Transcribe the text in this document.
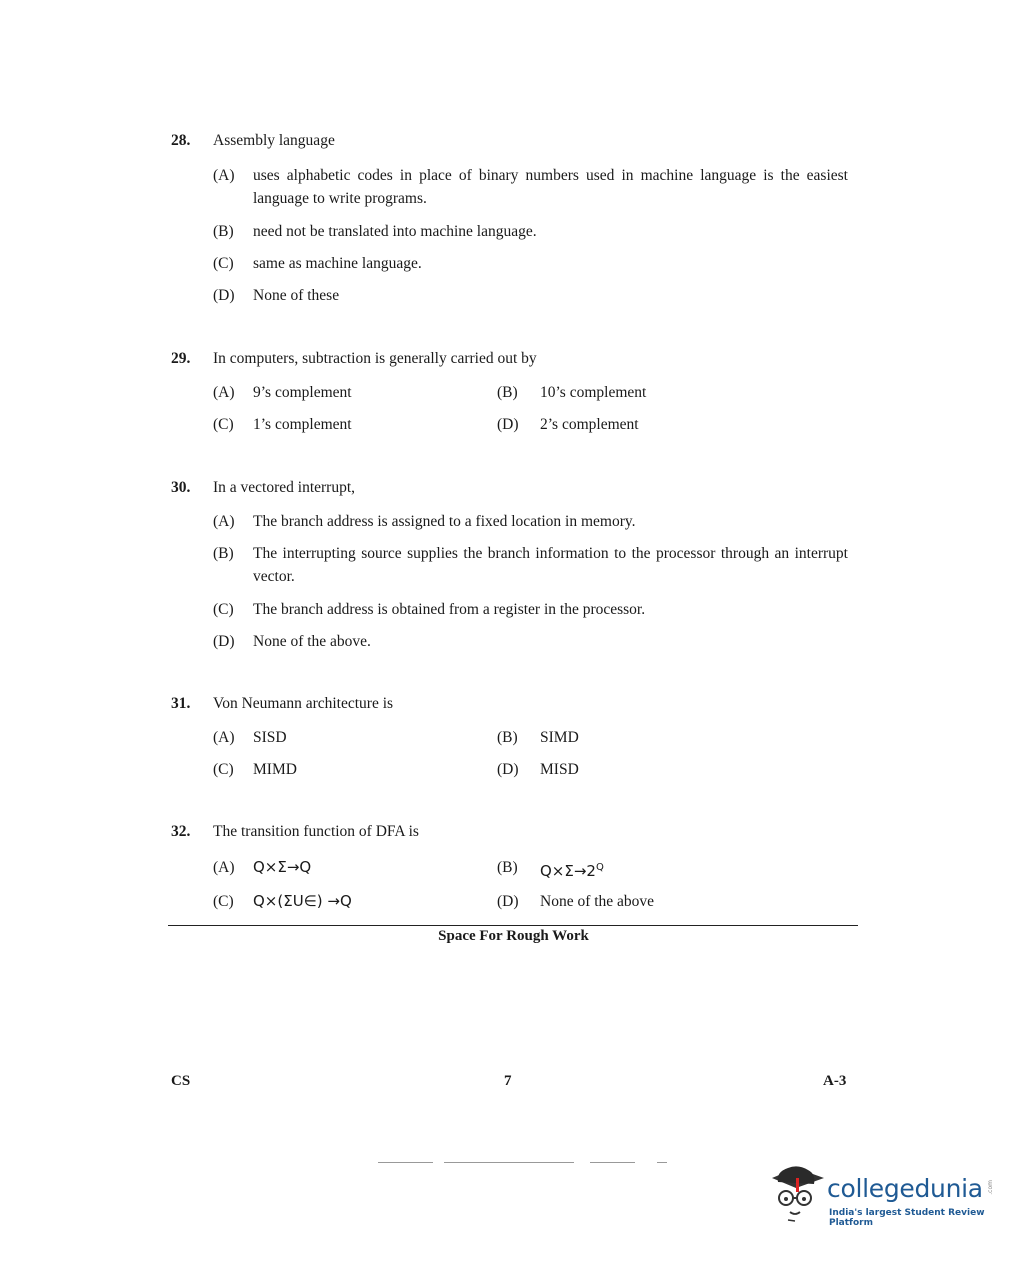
28. Assembly language
(A) uses alphabetic codes in place of binary numbers used in machine language is the easiest language to write programs.
(B) need not be translated into machine language.
(C) same as machine language.
(D) None of these
29. In computers, subtraction is generally carried out by
(A) 9’s complement	(B) 10’s complement
(C) 1’s complement	(D) 2’s complement
30. In a vectored interrupt,
(A) The branch address is assigned to a fixed location in memory.
(B) The interrupting source supplies the branch information to the processor through an interrupt vector.
(C) The branch address is obtained from a register in the processor.
(D) None of the above.
31. Von Neumann architecture is
(A) SISD	(B) SIMD
(C) MIMD	(D) MISD
32. The transition function of DFA is
(A) Q×Σ→Q	(B) $Q\times\Sigma\to 2^Q$
(C) Q×(ΣU∈) →Q	(D) None of the above
Space For Rough Work
CS	7	A-3
collegedunia .com
India's largest Student Review Platform
